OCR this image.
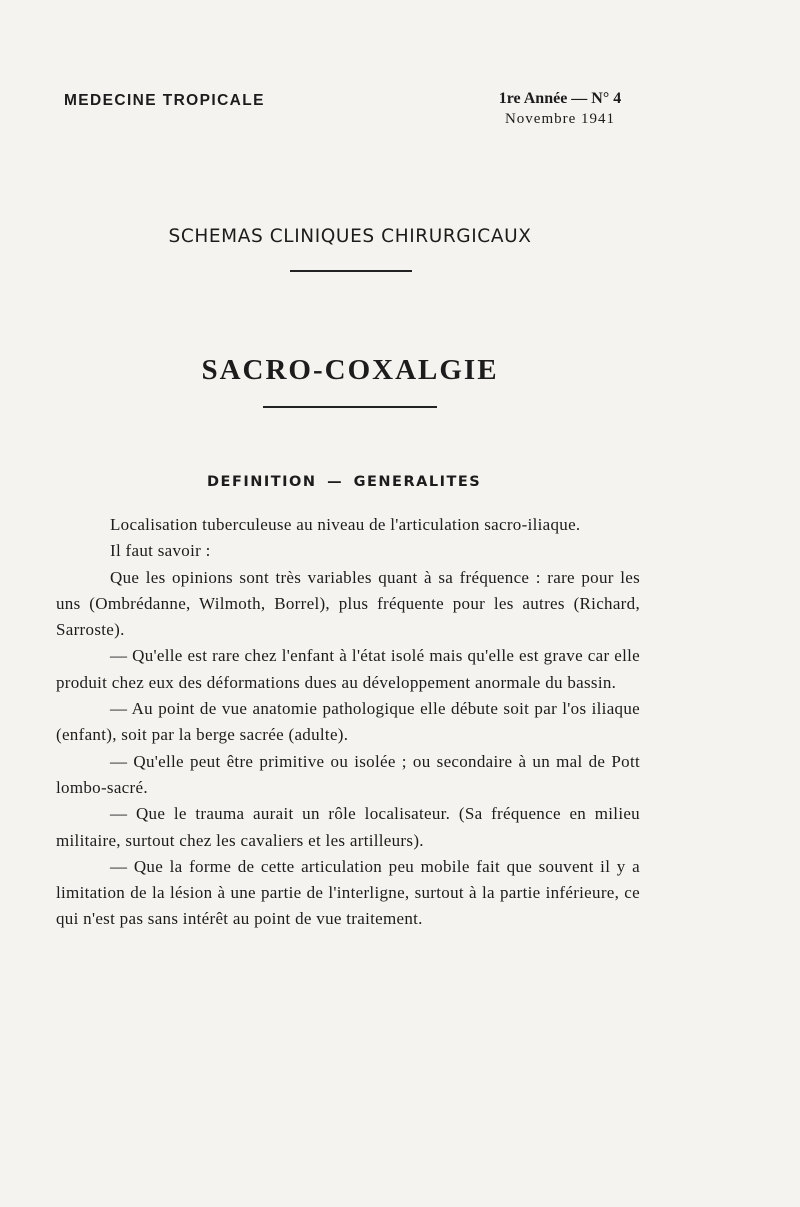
MEDECINE TROPICALE	1re Année — N° 4
Novembre 1941
SCHEMAS CLINIQUES CHIRURGICAUX
SACRO-COXALGIE
DEFINITION — GENERALITES

Localisation tuberculeuse au niveau de l'articulation sacro-iliaque.

Il faut savoir :

Que les opinions sont très variables quant à sa fréquence : rare pour les uns (Ombrédanne, Wilmoth, Borrel), plus fréquente pour les autres (Richard, Sarroste).

— Qu'elle est rare chez l'enfant à l'état isolé mais qu'elle est grave car elle produit chez eux des déformations dues au développement anormale du bassin.

— Au point de vue anatomie pathologique elle débute soit par l'os iliaque (enfant), soit par la berge sacrée (adulte).

— Qu'elle peut être primitive ou isolée ; ou secondaire à un mal de Pott lombo-sacré.

— Que le trauma aurait un rôle localisateur. (Sa fréquence en milieu militaire, surtout chez les cavaliers et les artilleurs).

— Que la forme de cette articulation peu mobile fait que souvent il y a limitation de la lésion à une partie de l'interligne, surtout à la partie inférieure, ce qui n'est pas sans intérêt au point de vue traitement.
